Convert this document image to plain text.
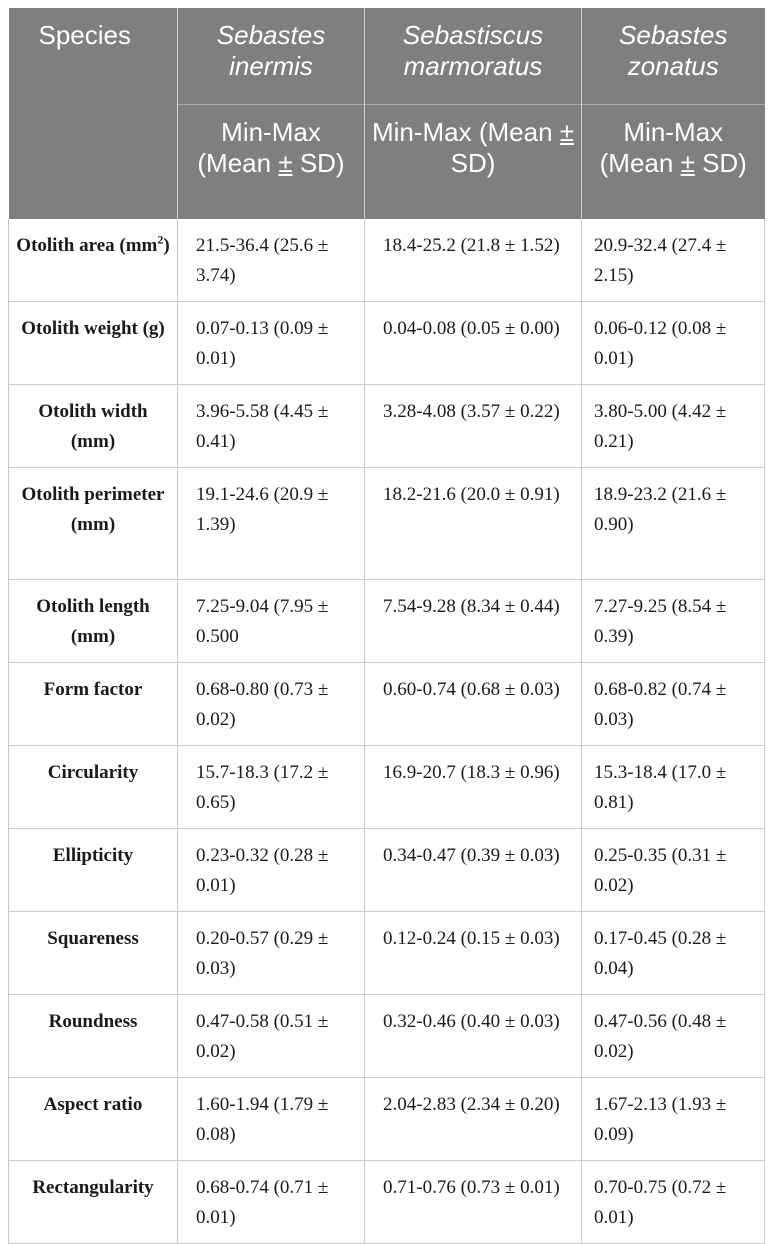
Species	Sebastes inermis	Sebastiscus marmoratus	Sebastes zonatus
	Min-Max (Mean ± SD)	Min-Max (Mean ± SD)	Min-Max (Mean ± SD)
Otolith area $(mm^2)$	21.5-36.4 (25.6 ± 3.74)	18.4-25.2 (21.8 ± 1.52)	20.9-32.4 (27.4 ± 2.15)
Otolith weight (g)	0.07-0.13 (0.09 ± 0.01)	0.04-0.08 (0.05 ± 0.00)	0.06-0.12 (0.08 ± 0.01)
Otolith width (mm)	3.96-5.58 (4.45 ± 0.41)	3.28-4.08 (3.57 ± 0.22)	3.80-5.00 (4.42 ± 0.21)
Otolith perimeter (mm)	19.1-24.6 (20.9 ± 1.39)	18.2-21.6 (20.0 ± 0.91)	18.9-23.2 (21.6 ± 0.90)
Otolith length (mm)	7.25-9.04 (7.95 ± 0.500	7.54-9.28 (8.34 ± 0.44)	7.27-9.25 (8.54 ± 0.39)
Form factor	0.68-0.80 (0.73 ± 0.02)	0.60-0.74 (0.68 ± 0.03)	0.68-0.82 (0.74 ± 0.03)
Circularity	15.7-18.3 (17.2 ± 0.65)	16.9-20.7 (18.3 ± 0.96)	15.3-18.4 (17.0 ± 0.81)
Ellipticity	0.23-0.32 (0.28 ± 0.01)	0.34-0.47 (0.39 ± 0.03)	0.25-0.35 (0.31 ± 0.02)
Squareness	0.20-0.57 (0.29 ± 0.03)	0.12-0.24 (0.15 ± 0.03)	0.17-0.45 (0.28 ± 0.04)
Roundness	0.47-0.58 (0.51 ± 0.02)	0.32-0.46 (0.40 ± 0.03)	0.47-0.56 (0.48 ± 0.02)
Aspect ratio	1.60-1.94 (1.79 ± 0.08)	2.04-2.83 (2.34 ± 0.20)	1.67-2.13 (1.93 ± 0.09)
Rectangularity	0.68-0.74 (0.71 ± 0.01)	0.71-0.76 (0.73 ± 0.01)	0.70-0.75 (0.72 ± 0.01)
